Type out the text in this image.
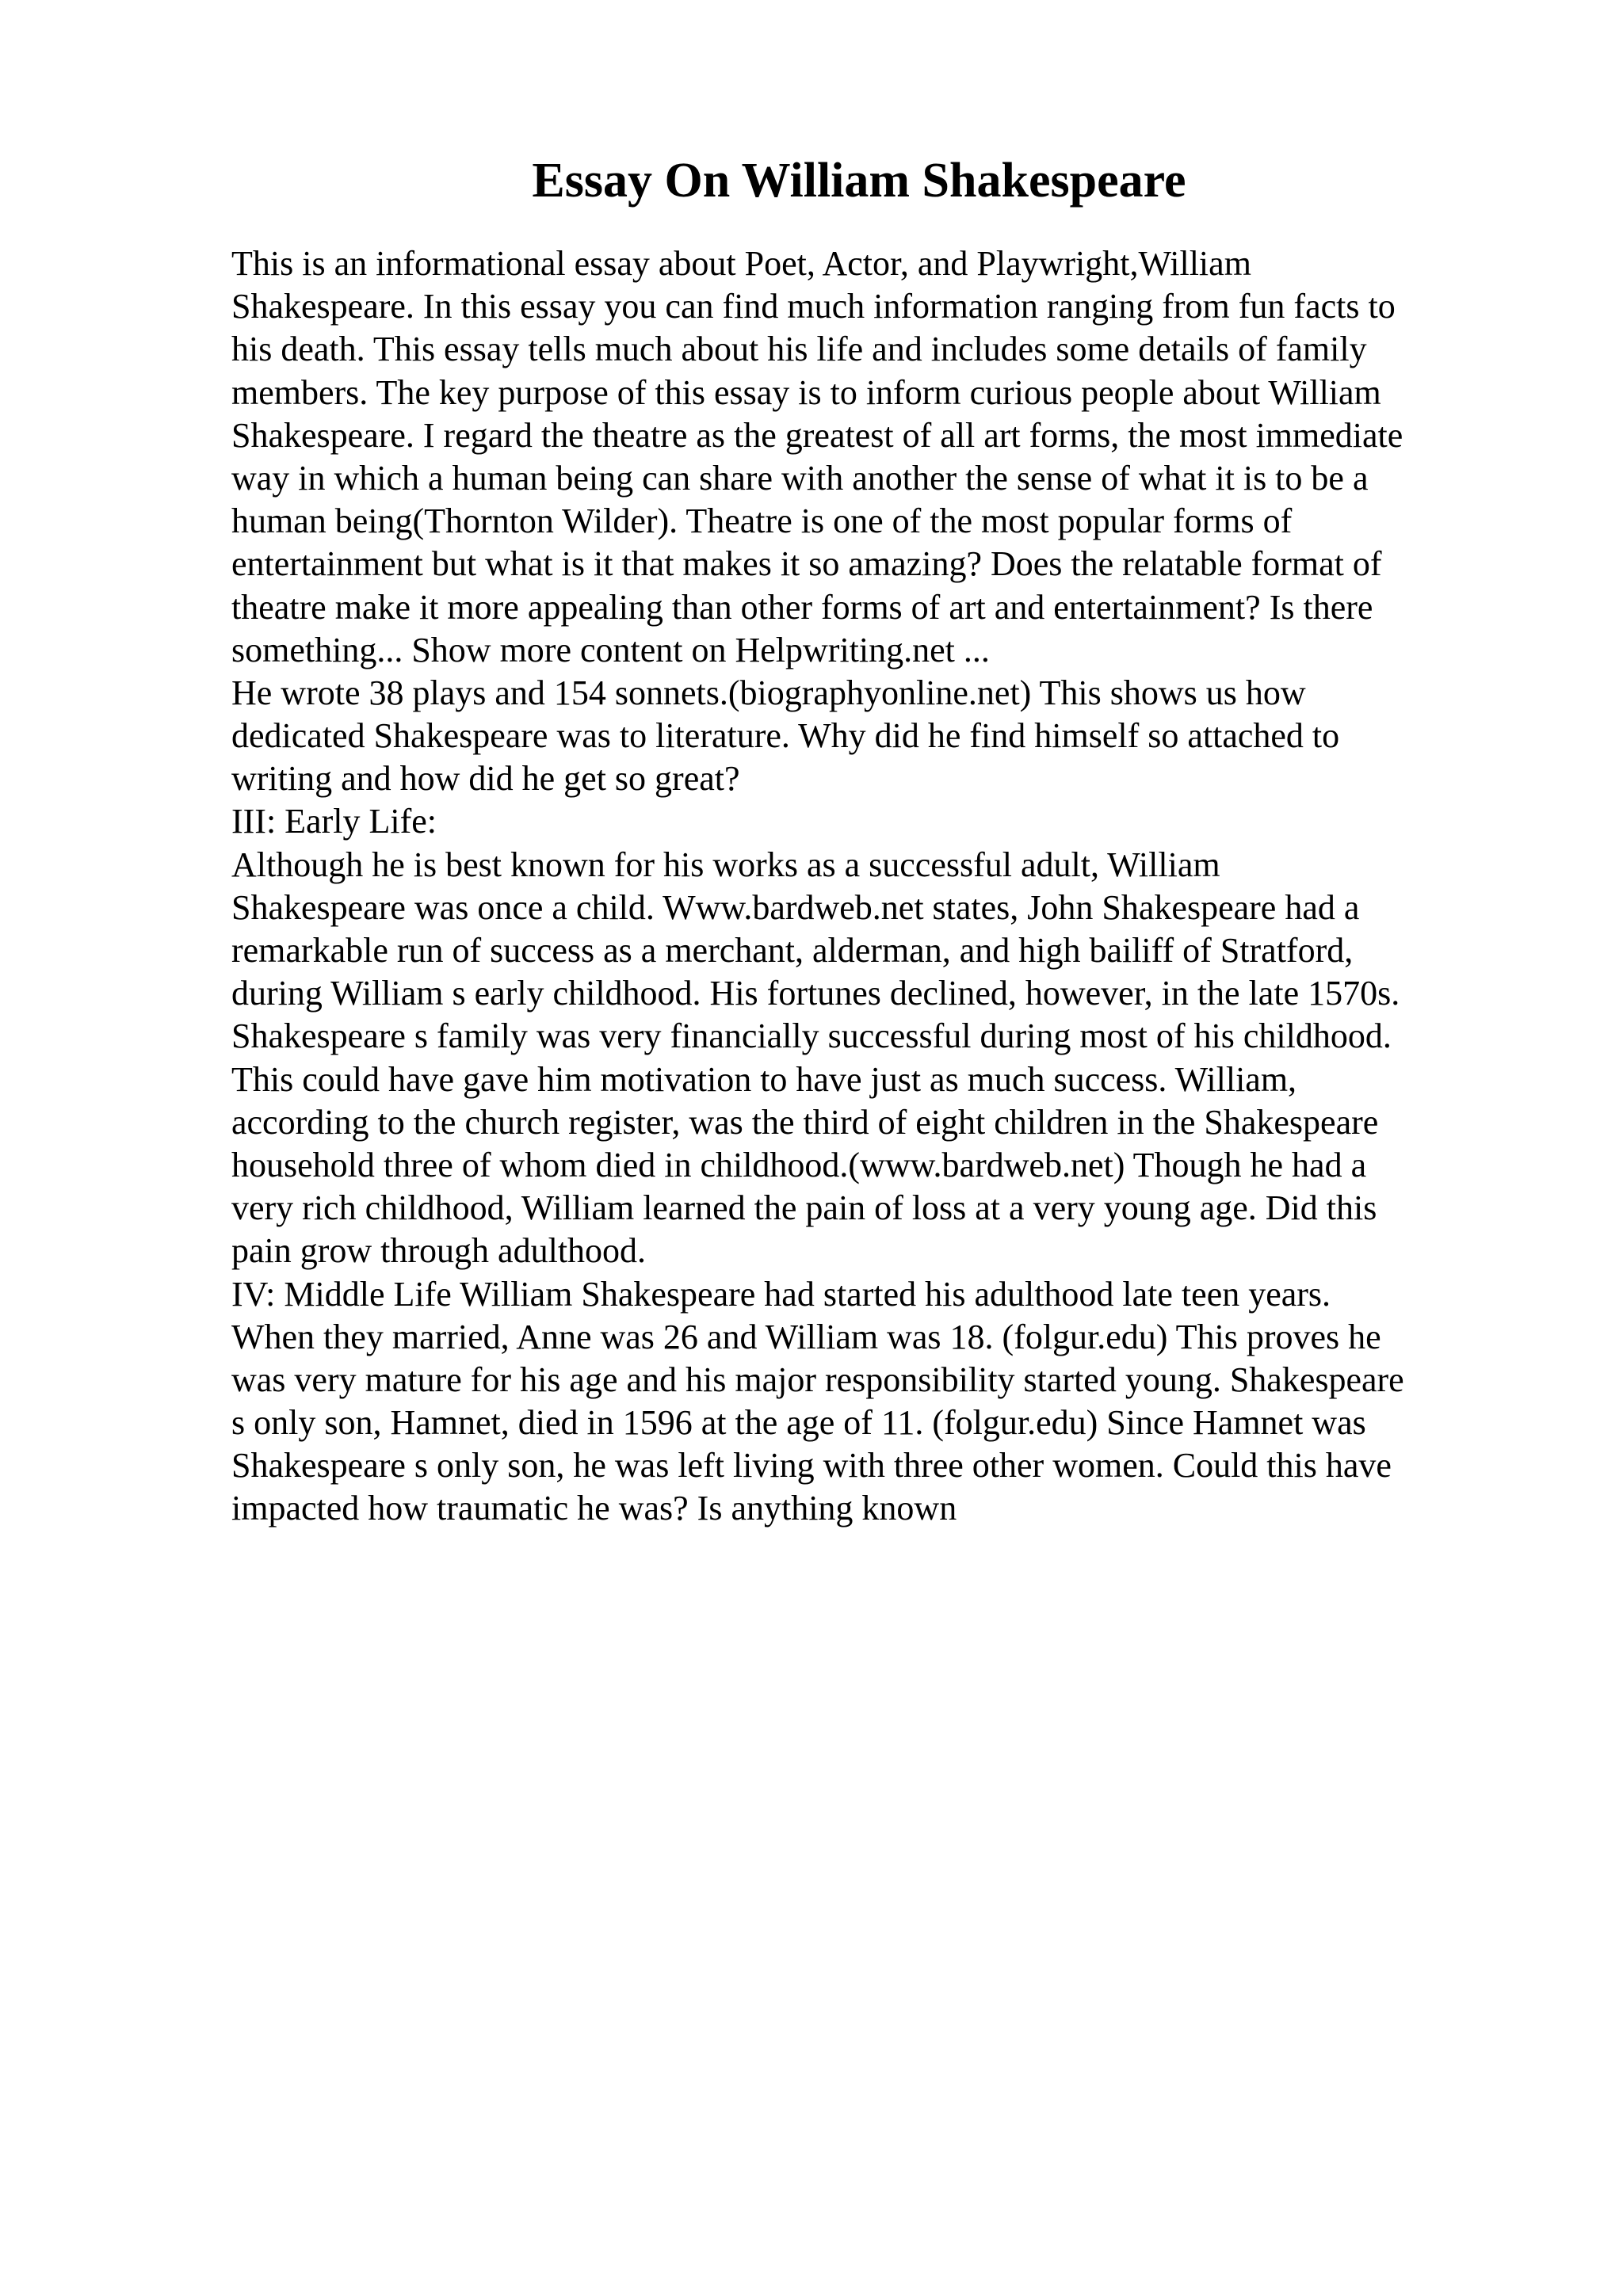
Essay On William Shakespeare

This is an informational essay about Poet, Actor, and Playwright,William

Shakespeare. In this essay you can find much information ranging from fun facts to

his death. This essay tells much about his life and includes some details of family

members. The key purpose of this essay is to inform curious people about William

Shakespeare. I regard the theatre as the greatest of all art forms, the most immediate

way in which a human being can share with another the sense of what it is to be a

human being(Thornton Wilder). Theatre is one of the most popular forms of

entertainment but what is it that makes it so amazing? Does the relatable format of

theatre make it more appealing than other forms of art and entertainment? Is there

something... Show more content on Helpwriting.net ...

He wrote 38 plays and 154 sonnets.(biographyonline.net) This shows us how

dedicated Shakespeare was to literature. Why did he find himself so attached to

writing and how did he get so great?

III: Early Life:

Although he is best known for his works as a successful adult, William

Shakespeare was once a child. Www.bardweb.net states, John Shakespeare had a

remarkable run of success as a merchant, alderman, and high bailiff of Stratford,

during William s early childhood. His fortunes declined, however, in the late 1570s.

Shakespeare s family was very financially successful during most of his childhood.

This could have gave him motivation to have just as much success. William,

according to the church register, was the third of eight children in the Shakespeare

household three of whom died in childhood.(www.bardweb.net) Though he had a

very rich childhood, William learned the pain of loss at a very young age. Did this

pain grow through adulthood.

IV: Middle Life William Shakespeare had started his adulthood late teen years.

When they married, Anne was 26 and William was 18. (folgur.edu) This proves he

was very mature for his age and his major responsibility started young. Shakespeare

s only son, Hamnet, died in 1596 at the age of 11. (folgur.edu) Since Hamnet was

Shakespeare s only son, he was left living with three other women. Could this have

impacted how traumatic he was? Is anything known
